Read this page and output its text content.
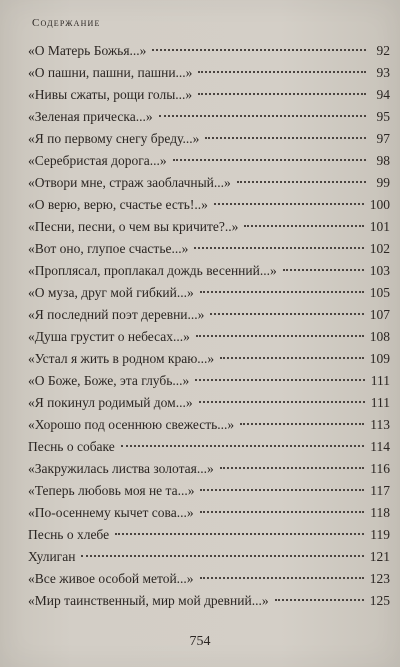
Содержание
«О Матерь Божья...»	92
«О пашни, пашни, пашни...»	93
«Нивы сжаты, рощи голы...»	94
«Зеленая прическа...»	95
«Я по первому снегу бреду...»	97
«Серебристая дорога...»	98
«Отвори мне, страж заоблачный...»	99
«О верю, верю, счастье есть!..»	100
«Песни, песни, о чем вы кричите?..»	101
«Вот оно, глупое счастье...»	102
«Проплясал, проплакал дождь весенний...»	103
«О муза, друг мой гибкий...»	105
«Я последний поэт деревни...»	107
«Душа грустит о небесах...»	108
«Устал я жить в родном краю...»	109
«О Боже, Боже, эта глубь...»	111
«Я покинул родимый дом...»	111
«Хорошо под осеннюю свежесть...»	113
Песнь о собаке	114
«Закружилась листва золотая...»	116
«Теперь любовь моя не та...»	117
«По-осеннему кычет сова...»	118
Песнь о хлебе	119
Хулиган	121
«Все живое особой метой...»	123
«Мир таинственный, мир мой древний...»	125
754
